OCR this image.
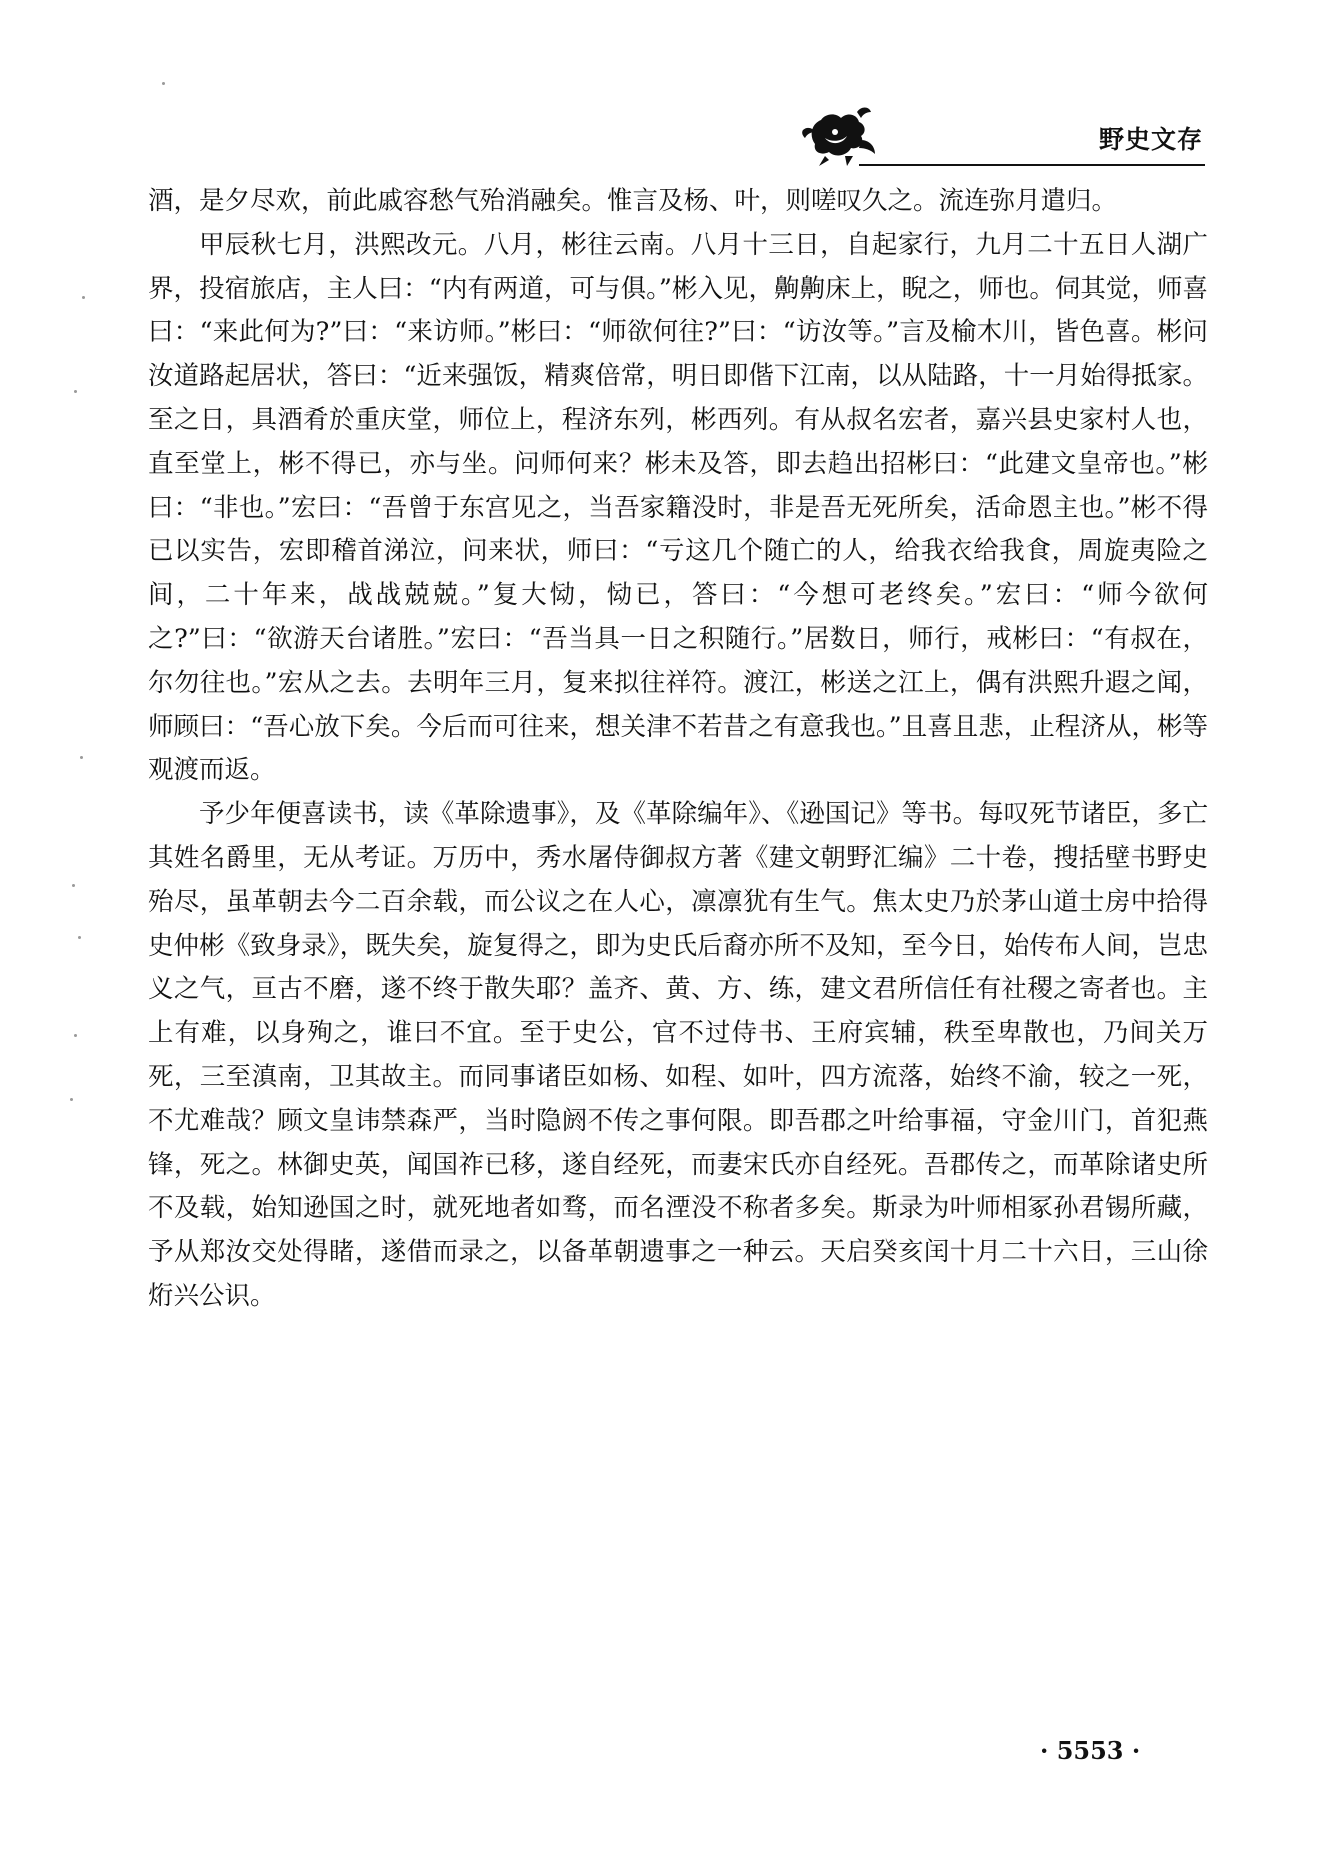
野史文存

酒，是夕尽欢，前此戚容愁气殆消融矣。惟言及杨、叶，则嗟叹久之。流连弥月遣归。

甲辰秋七月，洪熙改元。八月，彬往云南。八月十三日，自起家行，九月二十五日人湖广界，投宿旅店，主人曰：“内有两道，可与俱。”彬入见，齁齁床上，睨之，师也。伺其觉，师喜曰：“来此何为?”曰：“来访师。”彬曰：“师欲何往?”曰：“访汝等。”言及榆木川，皆色喜。彬问汝道路起居状，答曰：“近来强饭，精爽倍常，明日即偕下江南，以从陆路，十一月始得抵家。至之日，具酒肴於重庆堂，师位上，程济东列，彬西列。有从叔名宏者，嘉兴县史家村人也，直至堂上，彬不得已，亦与坐。问师何来？彬未及答，即去趋出招彬曰：“此建文皇帝也。”彬曰：“非也。”宏曰：“吾曾于东宫见之，当吾家籍没时，非是吾无死所矣，活命恩主也。”彬不得已以实告，宏即稽首涕泣，问来状，师曰：“亏这几个随亡的人，给我衣给我食，周旋夷险之间，二十年来，战战兢兢。”复大恸，恸已，答曰：“今想可老终矣。”宏曰：“师今欲何之?”曰：“欲游天台诸胜。”宏曰：“吾当具一日之积随行。”居数日，师行，戒彬曰：“有叔在，尔勿往也。”宏从之去。去明年三月，复来拟往祥符。渡江，彬送之江上，偶有洪熙升遐之闻，师顾曰：“吾心放下矣。今后而可往来，想关津不若昔之有意我也。”且喜且悲，止程济从，彬等观渡而返。

予少年便喜读书，读《革除遗事》，及《革除编年》、《逊国记》等书。每叹死节诸臣，多亡其姓名爵里，无从考证。万历中，秀水屠侍御叔方著《建文朝野汇编》二十卷，搜括壁书野史殆尽，虽革朝去今二百余载，而公议之在人心，凛凛犹有生气。焦太史乃於茅山道士房中拾得史仲彬《致身录》，既失矣，旋复得之，即为史氏后裔亦所不及知，至今日，始传布人间，岂忠义之气，亘古不磨，遂不终于散失耶？盖齐、黄、方、练，建文君所信任有社稷之寄者也。主上有难，以身殉之，谁曰不宜。至于史公，官不过侍书、王府宾辅，秩至卑散也，乃间关万死，三至滇南，卫其故主。而同事诸臣如杨、如程、如叶，四方流落，始终不渝，较之一死，不尤难哉？顾文皇讳禁森严，当时隐阏不传之事何限。即吾郡之叶给事福，守金川门，首犯燕锋，死之。林御史英，闻国祚已移，遂自经死，而妻宋氏亦自经死。吾郡传之，而革除诸史所不及载，始知逊国之时，就死地者如骛，而名湮没不称者多矣。斯录为叶师相冢孙君锡所藏，予从郑汝交处得睹，遂借而录之，以备革朝遗事之一种云。天启癸亥闰十月二十六日，三山徐烆兴公识。

· 5553 ·
